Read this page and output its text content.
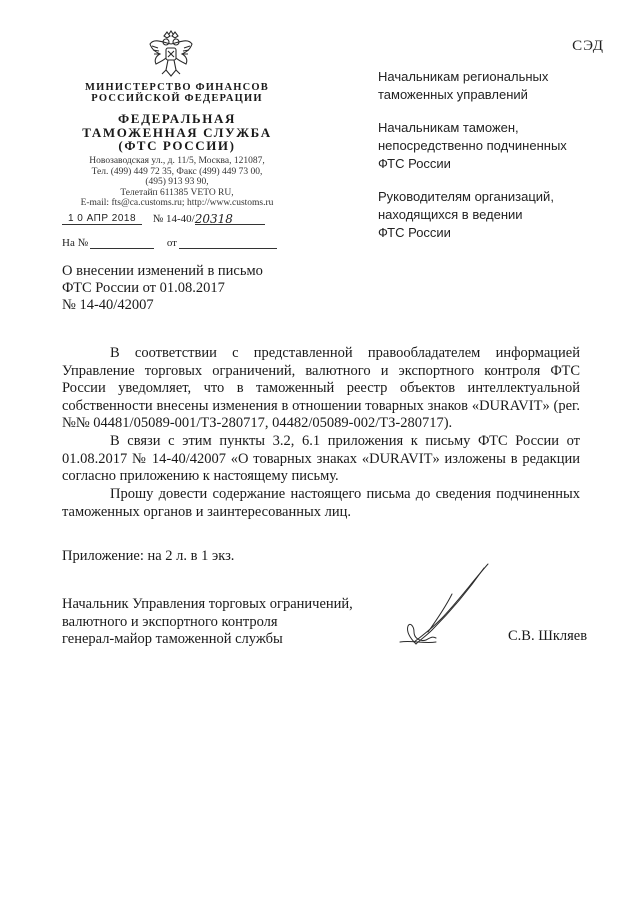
СЭД
МИНИСТЕРСТВО ФИНАНСОВ
РОССИЙСКОЙ ФЕДЕРАЦИИ
ФЕДЕРАЛЬНАЯ
ТАМОЖЕННАЯ СЛУЖБА
(ФТС РОССИИ)
Новозаводская ул., д. 11/5, Москва, 121087,
Тел. (499) 449 72 35, Факс (499) 449 73 00,
(495) 913 93 90,
Телетайп 611385 VETO RU,
E-mail: fts@ca.customs.ru; http://www.customs.ru
1 0 АПР 2018 № 14-40/20318
На №	от
Начальникам региональных
таможенных управлений
Начальникам таможен,
непосредственно подчиненных
ФТС России
Руководителям организаций,
находящихся в ведении
ФТС России
О внесении изменений в письмо
ФТС России от 01.08.2017
№ 14-40/42007
В соответствии с представленной правообладателем информацией Управление торговых ограничений, валютного и экспортного контроля ФТС России уведомляет, что в таможенный реестр объектов интеллектуальной собственности внесены изменения в отношении товарных знаков «DURAVIT» (рег. №№ 04481/05089-001/ТЗ-280717, 04482/05089-002/ТЗ-280717).
В связи с этим пункты 3.2, 6.1 приложения к письму ФТС России от 01.08.2017 № 14-40/42007 «О товарных знаках «DURAVIT» изложены в редакции согласно приложению к настоящему письму.
Прошу довести содержание настоящего письма до сведения подчиненных таможенных органов и заинтересованных лиц.
Приложение: на 2 л. в 1 экз.
Начальник Управления торговых ограничений,
валютного и экспортного контроля
генерал-майор таможенной службы	С.В. Шкляев
